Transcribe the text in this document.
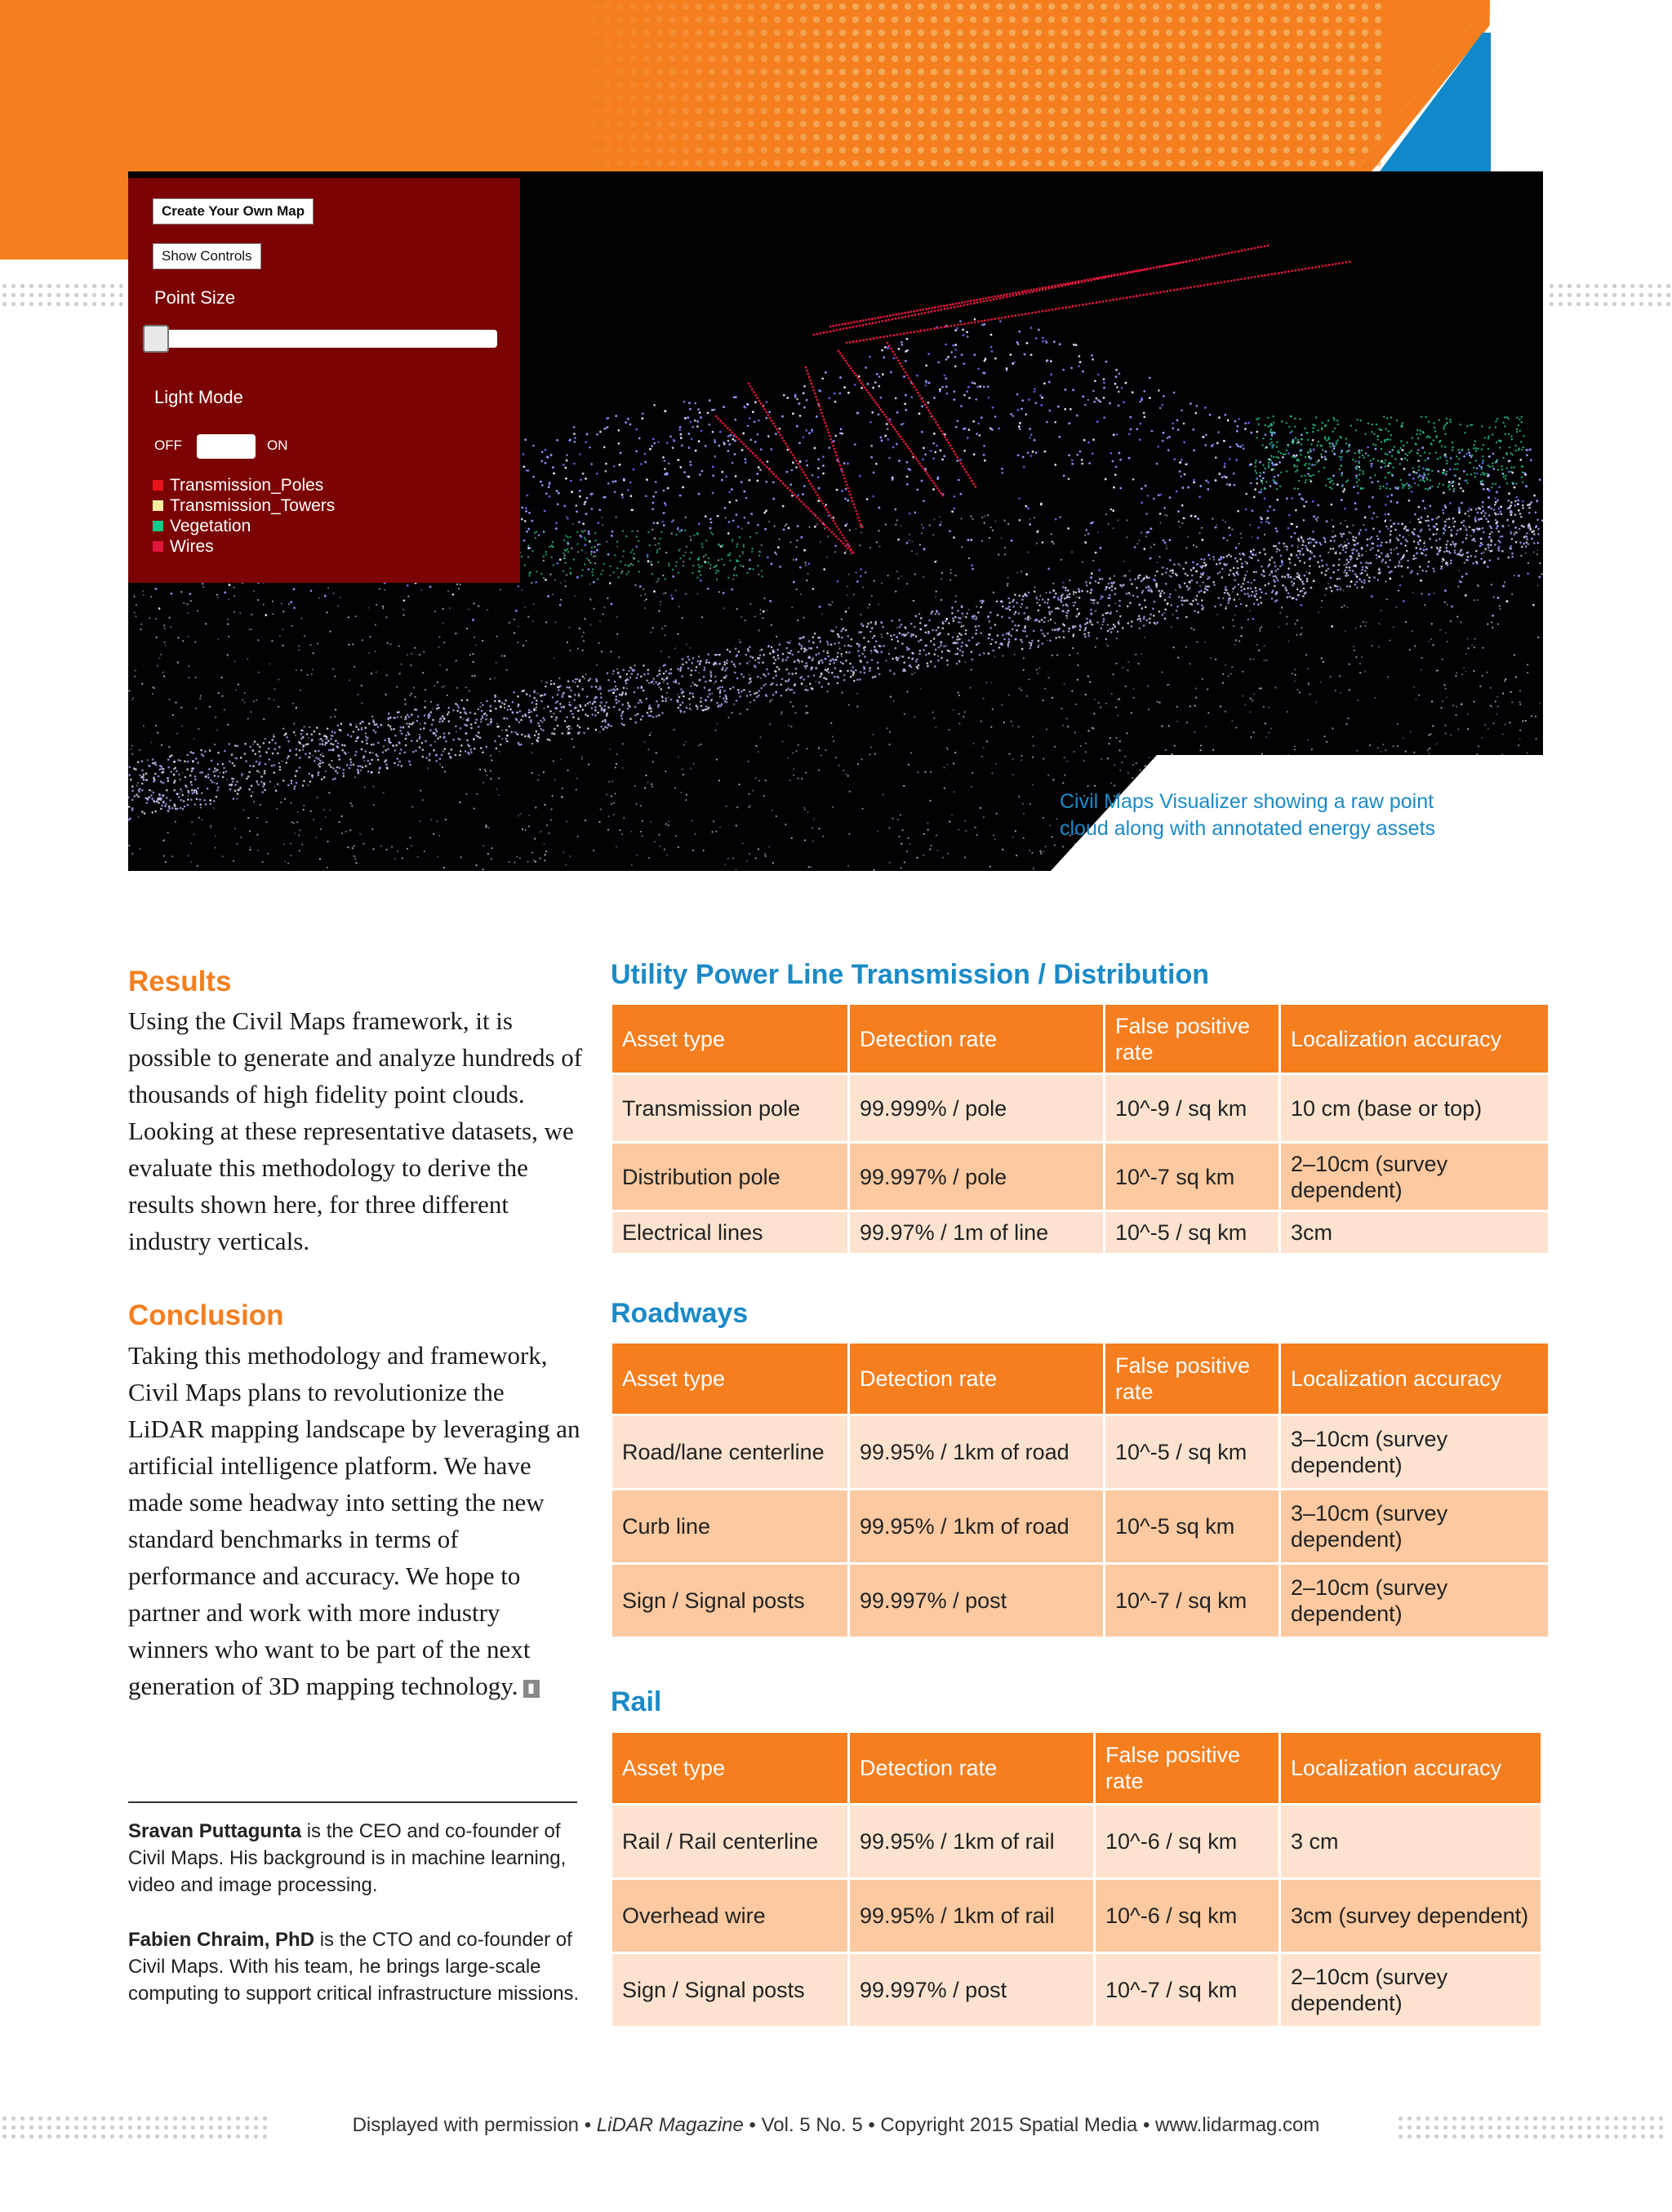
Create Your Own Map
Show Controls
Point Size
Light Mode
OFF	ON
Transmission_Poles
Transmission_Towers
Vegetation
Wires
Civil Maps Visualizer showing a raw point cloud along with annotated energy assets
Results
Using the Civil Maps framework, it is possible to generate and analyze hundreds of thousands of high fidelity point clouds. Looking at these representative datasets, we evaluate this methodology to derive the results shown here, for three different industry verticals.
Conclusion
Taking this methodology and framework, Civil Maps plans to revolutionize the LiDAR mapping landscape by leveraging an artificial intelligence platform. We have made some headway into setting the new standard benchmarks in terms of performance and accuracy. We hope to partner and work with more industry winners who want to be part of the next generation of 3D mapping technology. ▮
Sravan Puttagunta is the CEO and co-founder of Civil Maps. His background is in machine learning, video and image processing.
Fabien Chraim, PhD is the CTO and co-founder of Civil Maps. With his team, he brings large-scale computing to support critical infrastructure missions.
Utility Power Line Transmission / Distribution
Asset type	Detection rate	False positive rate	Localization accuracy
Transmission pole	99.999% / pole	10^-9 / sq km	10 cm (base or top)
Distribution pole	99.997% / pole	10^-7 sq km	2–10cm (survey dependent)
Electrical lines	99.97% / 1m of line	10^-5 / sq km	3cm
Roadways
Asset type	Detection rate	False positive rate	Localization accuracy
Road/lane centerline	99.95% / 1km of road	10^-5 / sq km	3–10cm (survey dependent)
Curb line	99.95% / 1km of road	10^-5 sq km	3–10cm (survey dependent)
Sign / Signal posts	99.997% / post	10^-7 / sq km	2–10cm (survey dependent)
Rail
Asset type	Detection rate	False positive rate	Localization accuracy
Rail / Rail centerline	99.95% / 1km of rail	10^-6 / sq km	3 cm
Overhead wire	99.95% / 1km of rail	10^-6 / sq km	3cm (survey dependent)
Sign / Signal posts	99.997% / post	10^-7 / sq km	2–10cm (survey dependent)
Displayed with permission • LiDAR Magazine • Vol. 5 No. 5 • Copyright 2015 Spatial Media • www.lidarmag.com
